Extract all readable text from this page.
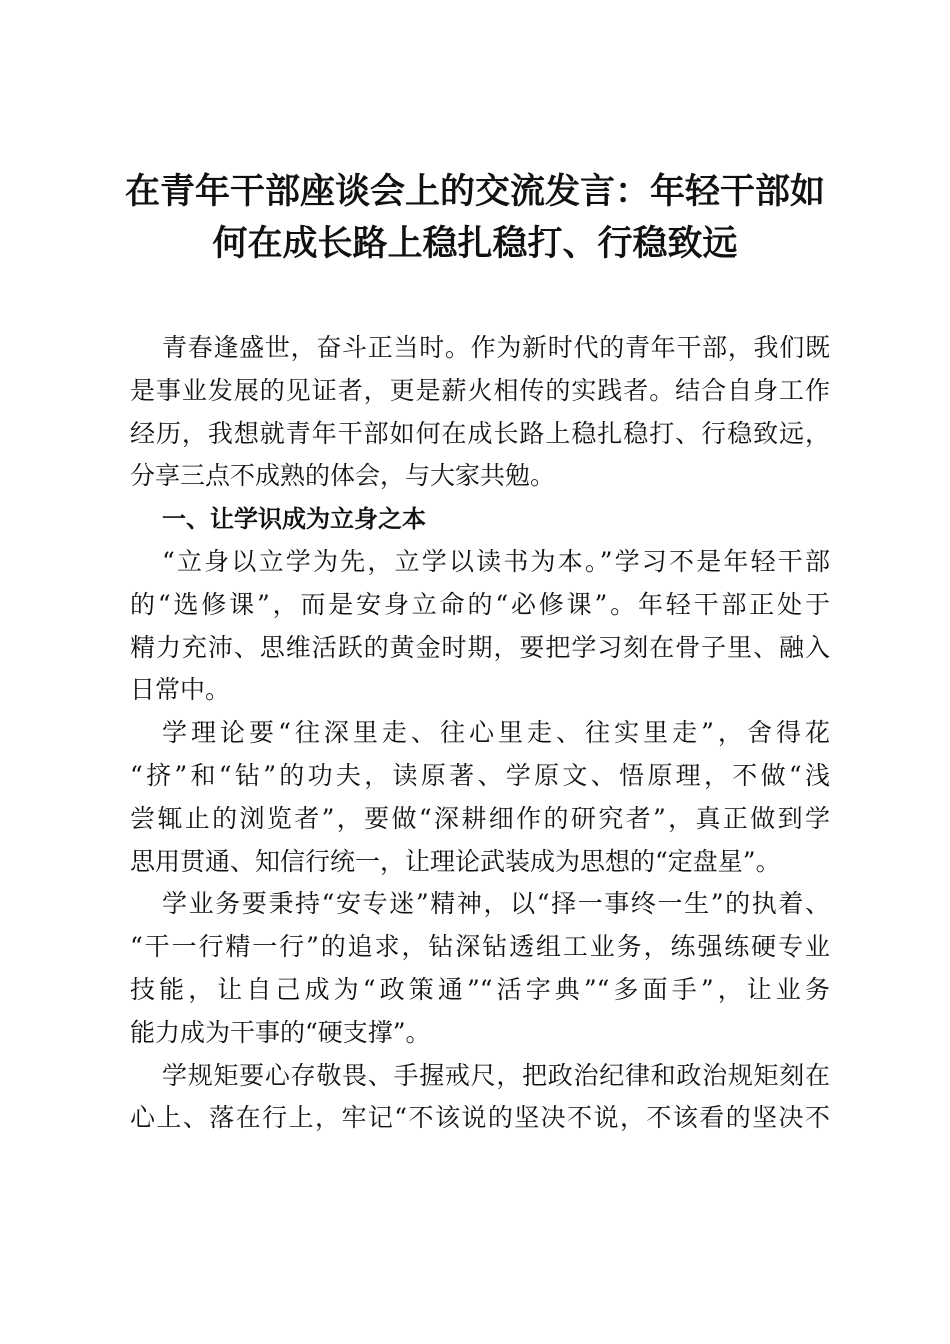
在青年干部座谈会上的交流发言：年轻干部如
何在成长路上稳扎稳打、行稳致远
青春逢盛世，奋斗正当时。作为新时代的青年干部，我们既
是事业发展的见证者，更是薪火相传的实践者。结合自身工作
经历，我想就青年干部如何在成长路上稳扎稳打、行稳致远，
分享三点不成熟的体会，与大家共勉。
一、让学识成为立身之本
“立身以立学为先，立学以读书为本。”学习不是年轻干部
的“选修课”，而是安身立命的“必修课”。年轻干部正处于
精力充沛、思维活跃的黄金时期，要把学习刻在骨子里、融入
日常中。
学理论要“往深里走、往心里走、往实里走”，舍得花
“挤”和“钻”的功夫，读原著、学原文、悟原理，不做“浅
尝辄止的浏览者”，要做“深耕细作的研究者”，真正做到学
思用贯通、知信行统一，让理论武装成为思想的“定盘星”。
学业务要秉持“安专迷”精神，以“择一事终一生”的执着、
“干一行精一行”的追求，钻深钻透组工业务，练强练硬专业
技能，让自己成为“政策通”“活字典”“多面手”，让业务
能力成为干事的“硬支撑”。
学规矩要心存敬畏、手握戒尺，把政治纪律和政治规矩刻在
心上、落在行上，牢记“不该说的坚决不说，不该看的坚决不
